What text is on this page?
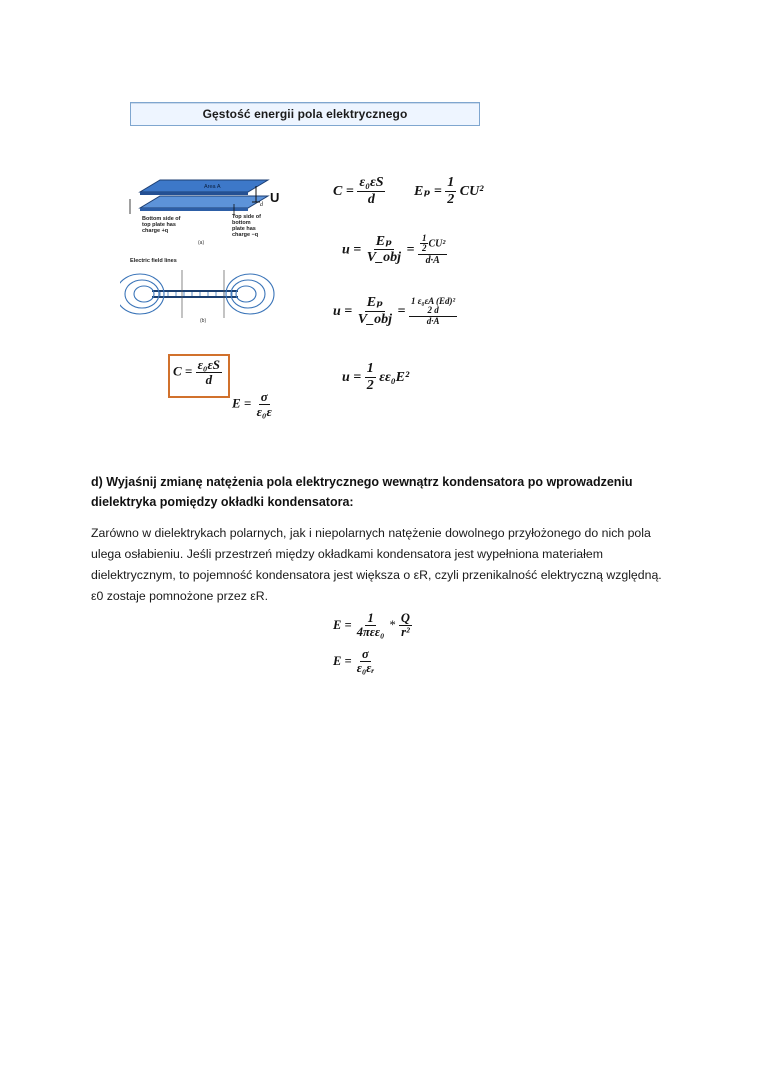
Gęstość energii pola elektrycznego
Area A
U
d
Bottom side of
top plate has
charge +q
Top side of
bottom
plate has
charge −q
(a)
Electric field lines
(b)
$C = \frac{\text{ε₀εS}}{d}$ $E_p = \frac{1}{2} CU^2$
$u = \frac{\text{Eₚ}}{\text{V\_obj}} = \frac{\frac{1}{2} CU^2}{d\cdot A}$
$u = \frac{\text{Eₚ}}{\text{V\_obj}} = 1$ ε₀εA (Ed)²
2 d
d·A
$u = \frac{1}{2} \varepsilon\varepsilon_0E^2$
$C = \frac{\text{ε₀εS}}{d}$
$E = \frac{\sigma}{\text{ε₀ε}}$
d) Wyjaśnij zmianę natężenia pola elektrycznego wewnątrz kondensatora po wprowadzeniu dielektryka pomiędzy okładki kondensatora:
Zarówno w dielektrykach polarnych, jak i niepolarnych natężenie dowolnego przyłożonego do nich pola ulega osłabieniu. Jeśli przestrzeń między okładkami kondensatora jest wypełniona materiałem dielektrycznym, to pojemność kondensatora jest większa o εR, czyli przenikalność elektryczną względną. ε0 zostaje pomnożone przez εR.
$E = \frac{1}{\text{4πεε₀}} * \frac{Q}{\text{r²}}$
$E = \frac{\sigma}{\text{ε₀εᵣ}}$
